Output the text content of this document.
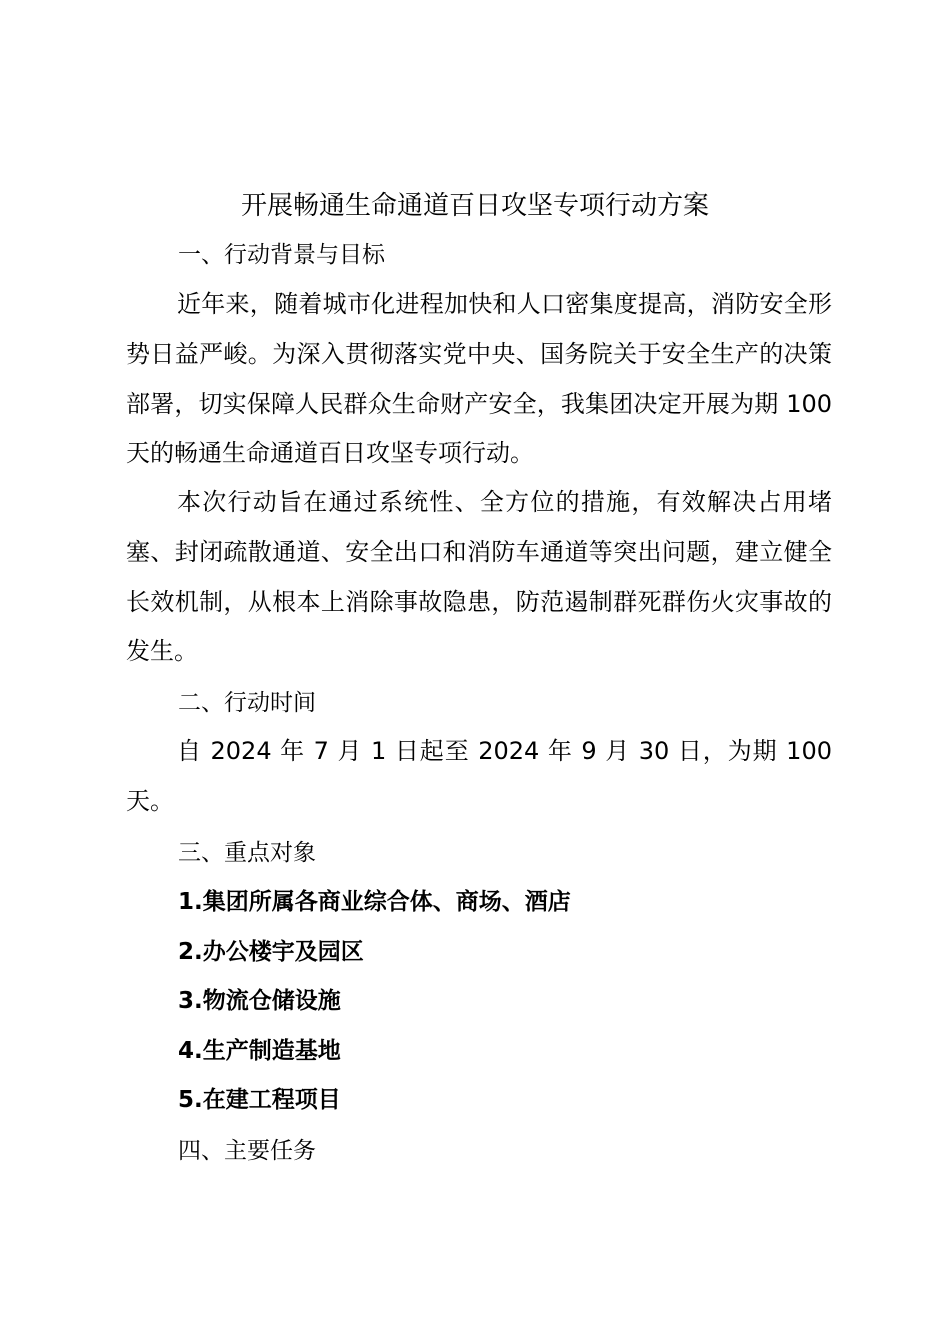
开展畅通生命通道百日攻坚专项行动方案
一、行动背景与目标

近年来，随着城市化进程加快和人口密集度提高，消防安全形势日益严峻。为深入贯彻落实党中央、国务院关于安全生产的决策部署，切实保障人民群众生命财产安全，我集团决定开展为期 100 天的畅通生命通道百日攻坚专项行动。

本次行动旨在通过系统性、全方位的措施，有效解决占用堵塞、封闭疏散通道、安全出口和消防车通道等突出问题，建立健全长效机制，从根本上消除事故隐患，防范遏制群死群伤火灾事故的发生。

二、行动时间

自 2024 年 7 月 1 日起至 2024 年 9 月 30 日，为期 100 天。

三、重点对象
1.集团所属各商业综合体、商场、酒店
2.办公楼宇及园区
3.物流仓储设施
4.生产制造基地
5.在建工程项目
四、主要任务
